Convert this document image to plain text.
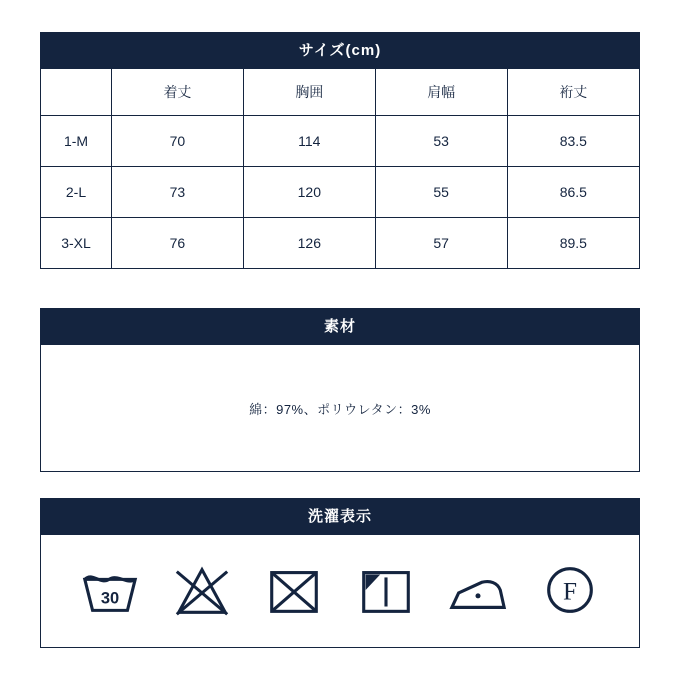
サイズ(cm)
	着丈	胸囲	肩幅	裄丈
1-M	70	114	53	83.5
2-L	73	120	55	86.5
3-XL	76	126	57	89.5
素材
綿：97%、ポリウレタン：3%
洗濯表示
30	F
